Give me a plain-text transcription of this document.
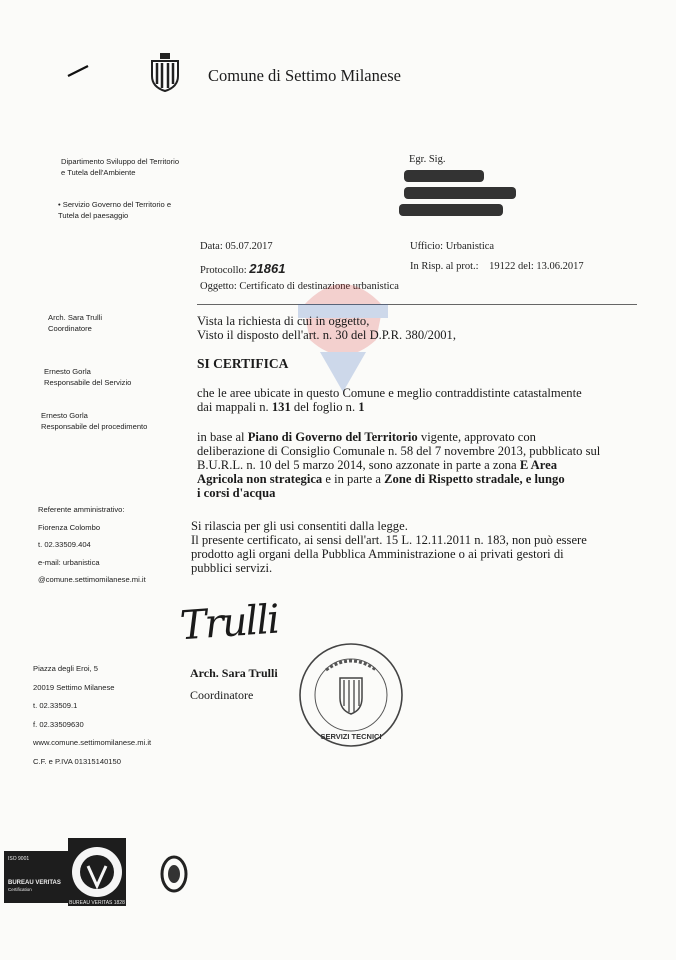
Comune di Settimo Milanese
Dipartimento Sviluppo del Territorio
e Tutela dell'Ambiente
• Servizio Governo del Territorio e
Tutela del paesaggio
Egr. Sig.
Data: 05.07.2017	Ufficio: Urbanistica
Protocollo: 21861	In Risp. al prot.: 19122 del: 13.06.2017
Oggetto: Certificato di destinazione urbanistica
Arch. Sara Trulli
Coordinatore
Ernesto Gorla
Responsabile del Servizio
Ernesto Gorla
Responsabile del procedimento
Vista la richiesta di cui in oggetto,
Visto il disposto dell'art. n. 30 del D.P.R. 380/2001,
SI CERTIFICA
che le aree ubicate in questo Comune e meglio contraddistinte catastalmente
dai mappali n. 131 del foglio n. 1
in base al Piano di Governo del Territorio vigente, approvato con
deliberazione di Consiglio Comunale n. 58 del 7 novembre 2013, pubblicato sul
B.U.R.L. n. 10 del 5 marzo 2014, sono azzonate in parte a zona E Area
Agricola non strategica e in parte a Zone di Rispetto stradale, e lungo
i corsi d'acqua
Si rilascia per gli usi consentiti dalla legge.
Il presente certificato, ai sensi dell'art. 15 L. 12.11.2011 n. 183, non può essere
prodotto agli organi della Pubblica Amministrazione o ai privati gestori di
pubblici servizi.
Referente amministrativo:
Fiorenza Colombo
t. 02.33509.404
e-mail: urbanistica
@comune.settimomilanese.mi.it
Trulli
Arch. Sara Trulli
Coordinatore
SERVIZI TECNICI
Piazza degli Eroi, 5
20019 Settimo Milanese
t. 02.33509.1
f. 02.33509630
www.comune.settimomilanese.mi.it
C.F. e P.IVA 01315140150
ISO 9001
BUREAU VERITAS
Certification
BUREAU VERITAS 1828
